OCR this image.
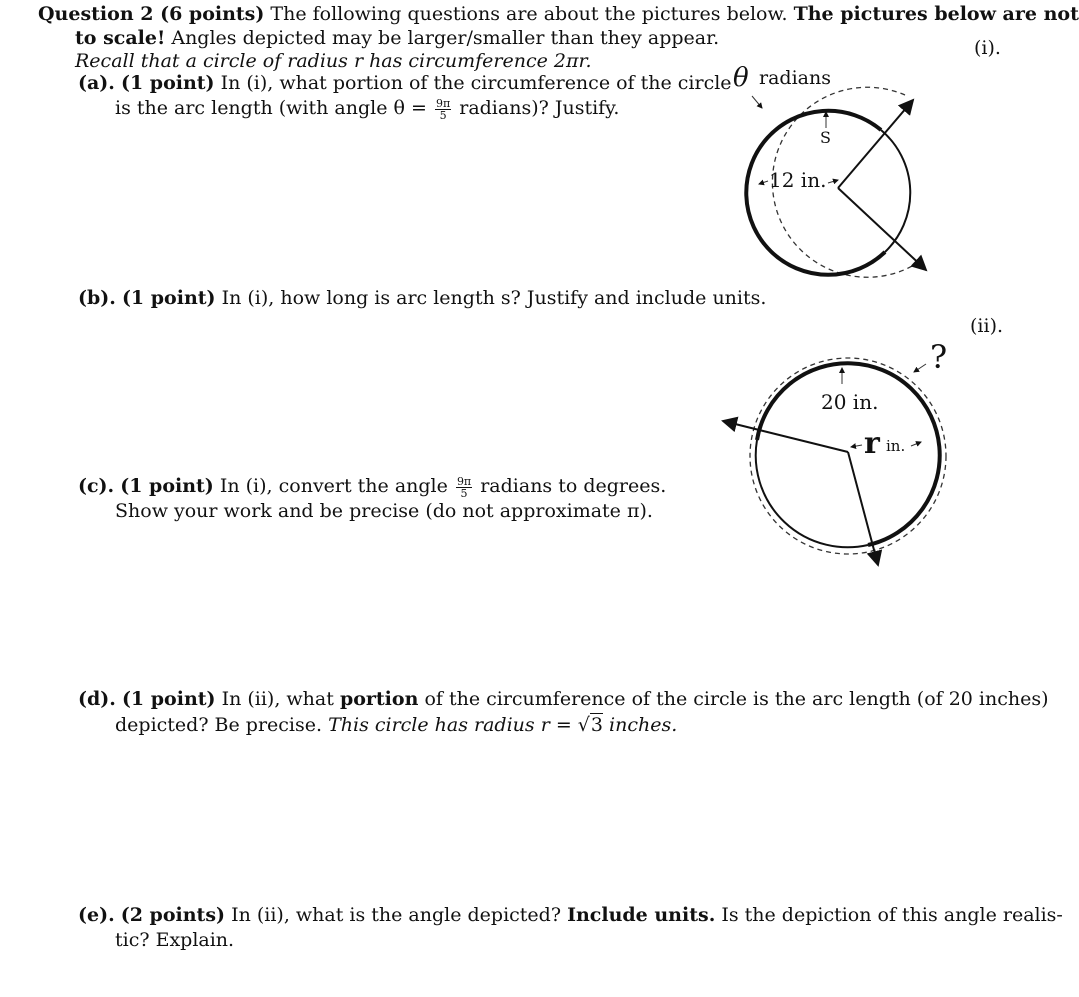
Question 2 (6 points) The following questions are about the pictures below. The pictures below are not
to scale! Angles depicted may be larger/smaller than they appear.
Recall that a circle of radius r has circumference 2πr.
(a). (1 point) In (i), what portion of the circumference of the circle
is the arc length (with angle $\theta = \frac{9\pi}{5}$ radians)? Justify.
(b). (1 point) In (i), how long is arc length s? Justify and include units.
(c). (1 point) In (i), convert the angle $\frac{9\pi}{5}$ radians to degrees.
Show your work and be precise (do not approximate π).
(d). (1 point) In (ii), what portion of the circumference of the circle is the arc length (of 20 inches)
depicted? Be precise. This circle has radius r = √3 inches.
(e). (2 points) In (ii), what is the angle depicted? Include units. Is the depiction of this angle realis-
tic? Explain.
(i).
θ radians
S
12 in.
(ii).
?
20 in.
r in.
